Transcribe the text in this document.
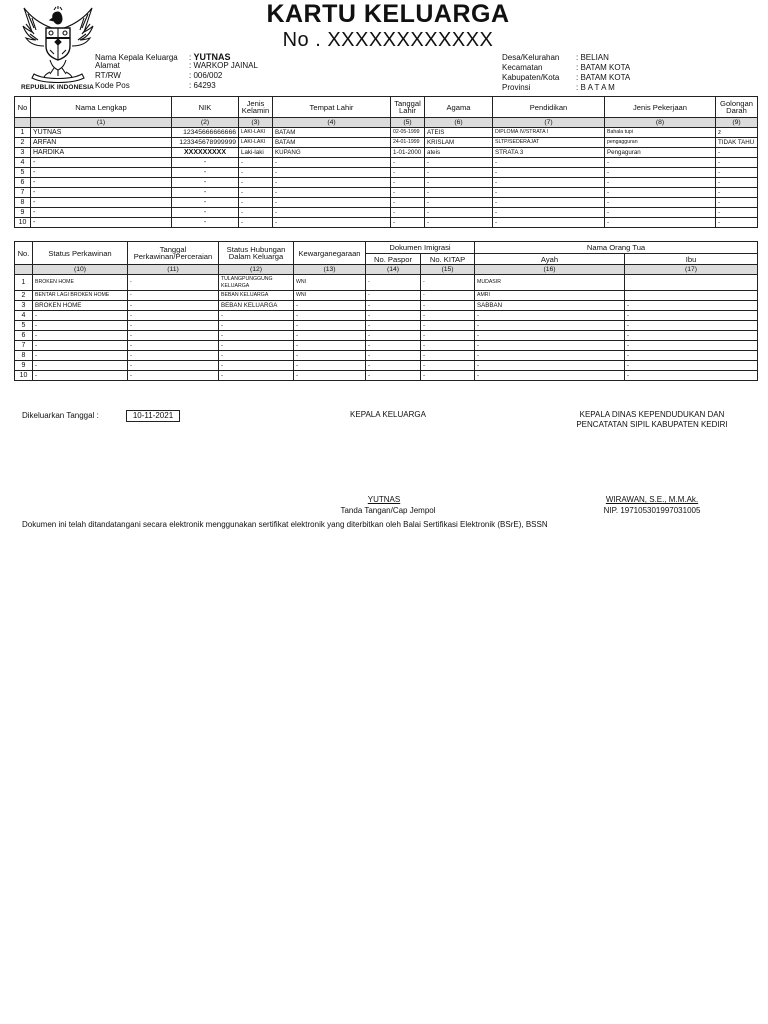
REPUBLIK INDONESIA
KARTU KELUARGA
No . XXXXXXXXXXXX
Nama Kepala Keluarga : YUTNAS
Alamat	: WARKOP JAINAL
RT/RW	: 006/002
Kode Pos	: 64293
Desa/Kelurahan : BELIAN
Kecamatan	: BATAM KOTA
Kabupaten/Kota : BATAM KOTA
Provinsi	: B A T A M
No	Nama Lengkap	NIK	Jenis Kelamin	Tempat Lahir	Tanggal Lahir	Agama	Pendidikan	Jenis Pekerjaan	Golongan Darah
	(1)	(2)	(3)	(4)	(5)	(6)	(7)	(8)	(9)
1	YUTNAS	12345666666666	LAKI-LAKI	BATAM	02-05-1999	ATEIS	DIPLOMA IV/STRATA I	Bahala tupi	z
2	ARFAN	123345678999999	LAKI-LAKI	BATAM	24-01-1999	KRISLAM	SLTP/SEDERAJAT	pengagguran	TIDAK TAHU
3	HARDIKA	XXXXXXXXX	Laki-laki	KUPANG	1-01-2000	ateis	STRATA 3	Pengaguran	-
4	-	-	-	-	-	-	-	-	-
5	-	-	-	-	-	-	-	-	-
6	-	-	-	-	-	-	-	-	-
7	-	-	-	-	-	-	-	-	-
8	-	-	-	-	-	-	-	-	-
9	-	-	-	-	-	-	-	-	-
10	-	-	-	-	-	-	-	-	-
No.	Status Perkawinan	Tanggal Perkawinan/Perceraian	Status Hubungan Dalam Keluarga	Kewarganegaraan	Dokumen Imigrasi		Nama Orang Tua	
					No. Paspor	No. KITAP	Ayah	Ibu
	(10)	(11)	(12)	(13)	(14)	(15)	(16)	(17)
1	BROKEN HOME	-	TULANGPUNGGUNG KELUARGA	WNI	-	-	MUDASIR	
2	BENTAR LAGI BROKEN HOME	-	BEBAN KELUARGA	WNI	-	-	AMRI	
3	BROKEN HOME	-	BEBAN KELUARGA	-	-	-	SABBAN	-
4	-	-	-	-	-	-	-	-
5	-	-	-	-	-	-	-	-
6	-	-	-	-	-	-	-	-
7	-	-	-	-	-	-	-	-
8	-	-	-	-	-	-	-	-
9	-	-	-	-	-	-	-	-
10	-	-	-	-	-	-	-	-
Dikeluarkan Tanggal :	10-11-2021	KEPALA KELUARGA	KEPALA DINAS KEPENDUDUKAN DAN
PENCATATAN SIPIL KABUPATEN KEDIRI
YUTNAS
Tanda Tangan/Cap Jempol
WIRAWAN, S.E., M.M.Ak.
NIP. 197105301997031005
Dokumen ini telah ditandatangani secara elektronik menggunakan sertifikat elektronik yang diterbitkan oleh Balai Sertifikasi Elektronik (BSrE), BSSN
